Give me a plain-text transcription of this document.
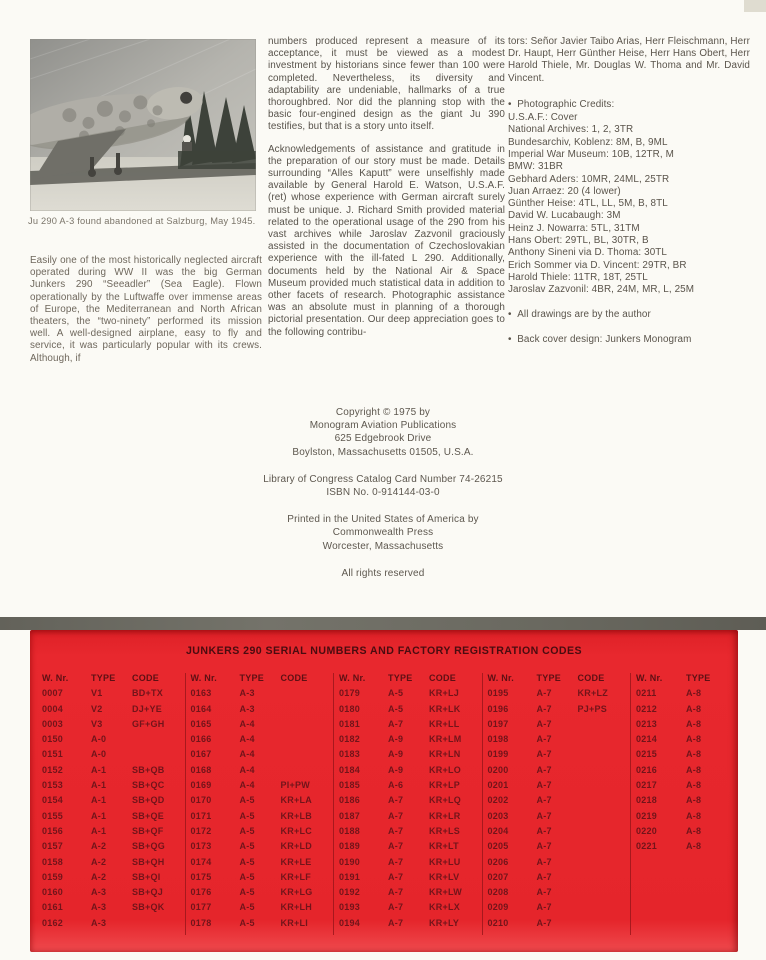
Ju 290 A-3 found abandoned at Salzburg, May 1945.

Easily one of the most historically neglected aircraft operated during WW II was the big German Junkers 290 “Seeadler” (Sea Eagle). Flown operationally by the Luftwaffe over immense areas of Europe, the Mediterranean and North African theaters, the “two-ninety” performed its mission well. A well-designed airplane, easy to fly and service, it was particularly popular with its crews. Although, if

numbers produced represent a measure of its acceptance, it must be viewed as a modest investment by historians since fewer than 100 were completed. Nevertheless, its diversity and adaptability are undeniable, hallmarks of a true thoroughbred. Nor did the planning stop with the basic four-engined design as the giant Ju 390 testifies, but that is a story unto itself.

Acknowledgements of assistance and gratitude in the preparation of our story must be made. Details surrounding “Alles Kaputt” were unselfishly made available by General Harold E. Watson, U.S.A.F. (ret) whose experience with German aircraft surely must be unique. J. Richard Smith provided material related to the operational usage of the 290 from his vast archives while Jaroslav Zazvonil graciously assisted in the documentation of Czechoslovakian experience with the ill-fated L 290. Additionally, documents held by the National Air & Space Museum provided much statistical data in addition to other facets of research. Photographic assistance was an absolute must in planning of a thorough pictorial presentation. Our deep appreciation goes to the following contribu-

tors: Señor Javier Taibo Arias, Herr Fleischmann, Herr Dr. Haupt, Herr Günther Heise, Herr Hans Obert, Herr Harold Thiele, Mr. Douglas W. Thoma and Mr. David Vincent.

•  Photographic Credits:
U.S.A.F.: Cover
National Archives: 1, 2, 3TR
Bundesarchiv, Koblenz: 8M, B, 9ML
Imperial War Museum: 10B, 12TR, M
BMW: 31BR
Gebhard Aders: 10MR, 24ML, 25TR
Juan Arraez: 20 (4 lower)
Günther Heise: 4TL, LL, 5M, B, 8TL
David W. Lucabaugh: 3M
Heinz J. Nowarra: 5TL, 31TM
Hans Obert: 29TL, BL, 30TR, B
Anthony Sineni via D. Thoma: 30TL
Erich Sommer via D. Vincent: 29TR, BR
Harold Thiele: 11TR, 18T, 25TL
Jaroslav Zazvonil: 4BR, 24M, MR, L, 25M
•  All drawings are by the author
•  Back cover design: Junkers Monogram
Copyright © 1975 by
Monogram Aviation Publications
625 Edgebrook Drive
Boylston, Massachusetts 01505, U.S.A.
Library of Congress Catalog Card Number 74-26215
ISBN No. 0-914144-03-0
Printed in the United States of America by
Commonwealth Press
Worcester, Massachusetts
All rights reserved
JUNKERS 290 SERIAL NUMBERS AND FACTORY REGISTRATION CODES
W. Nr.	TYPE	CODE
0007	V1	BD+TX
0004	V2	DJ+YE
0003	V3	GF+GH
0150	A-0
0151	A-0
0152	A-1	SB+QB
0153	A-1	SB+QC
0154	A-1	SB+QD
0155	A-1	SB+QE
0156	A-1	SB+QF
0157	A-2	SB+QG
0158	A-2	SB+QH
0159	A-2	SB+QI
0160	A-3	SB+QJ
0161	A-3	SB+QK
0162	A-3
W. Nr.	TYPE	CODE
0163	A-3
0164	A-3
0165	A-4
0166	A-4
0167	A-4
0168	A-4
0169	A-4	PI+PW
0170	A-5	KR+LA
0171	A-5	KR+LB
0172	A-5	KR+LC
0173	A-5	KR+LD
0174	A-5	KR+LE
0175	A-5	KR+LF
0176	A-5	KR+LG
0177	A-5	KR+LH
0178	A-5	KR+LI
W. Nr.	TYPE	CODE
0179	A-5	KR+LJ
0180	A-5	KR+LK
0181	A-7	KR+LL
0182	A-9	KR+LM
0183	A-9	KR+LN
0184	A-9	KR+LO
0185	A-6	KR+LP
0186	A-7	KR+LQ
0187	A-7	KR+LR
0188	A-7	KR+LS
0189	A-7	KR+LT
0190	A-7	KR+LU
0191	A-7	KR+LV
0192	A-7	KR+LW
0193	A-7	KR+LX
0194	A-7	KR+LY
W. Nr.	TYPE	CODE
0195	A-7	KR+LZ
0196	A-7	PJ+PS
0197	A-7
0198	A-7
0199	A-7
0200	A-7
0201	A-7
0202	A-7
0203	A-7
0204	A-7
0205	A-7
0206	A-7
0207	A-7
0208	A-7
0209	A-7
0210	A-7
W. Nr.	TYPE
0211	A-8
0212	A-8
0213	A-8
0214	A-8
0215	A-8
0216	A-8
0217	A-8
0218	A-8
0219	A-8
0220	A-8
0221	A-8
